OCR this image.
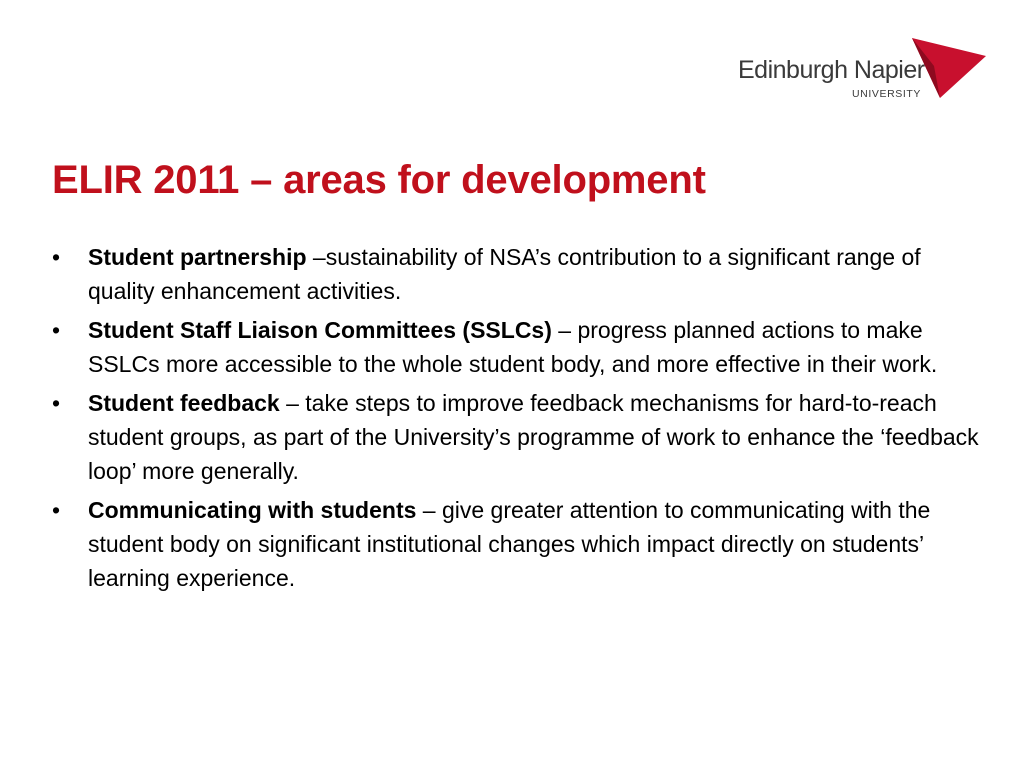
Edinburgh Napier
UNIVERSITY
ELIR 2011 – areas for development
•	Student partnership –sustainability of NSA’s contribution to a significant range of quality enhancement activities.
•	Student Staff Liaison Committees (SSLCs) – progress planned actions to make SSLCs more accessible to the whole student body, and more effective in their work.
•	Student feedback – take steps to improve feedback mechanisms for hard-to-reach student groups, as part of the University’s programme of work to enhance the ‘feedback loop’ more generally.
•	Communicating with students – give greater attention to communicating with the student body on significant institutional changes which impact directly on students’ learning experience.
